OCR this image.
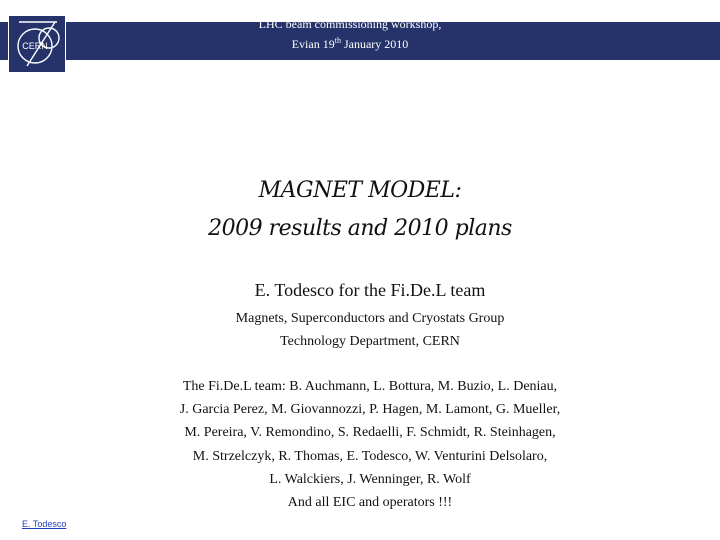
CERN
LHC beam commissioning workshop,
Evian 19th January 2010
MAGNET MODEL:
2009 results and 2010 plans
E. Todesco for the Fi.De.L team
Magnets, Superconductors and Cryostats Group
Technology Department, CERN
The Fi.De.L team: B. Auchmann, L. Bottura, M. Buzio, L. Deniau,
J. Garcia Perez, M. Giovannozzi, P. Hagen, M. Lamont, G. Mueller,
M. Pereira, V. Remondino, S. Redaelli, F. Schmidt, R. Steinhagen,
M. Strzelczyk, R. Thomas, E. Todesco, W. Venturini Delsolaro,
L. Walckiers, J. Wenninger, R. Wolf
And all EIC and operators !!!
E. Todesco
